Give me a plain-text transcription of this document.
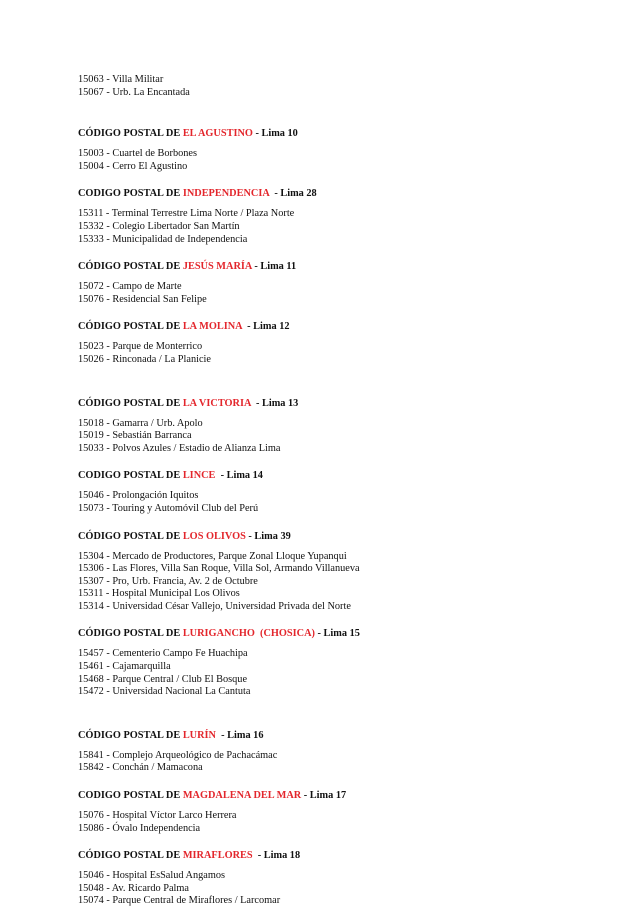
15063 - Villa Militar
15067 - Urb. La Encantada
CÓDIGO POSTAL DE EL AGUSTINO - Lima 10
15003 - Cuartel de Borbones
15004 - Cerro El Agustino
CODIGO POSTAL DE INDEPENDENCIA  - Lima 28
15311 - Terminal Terrestre Lima Norte / Plaza Norte
15332 - Colegio Libertador San Martín
15333 - Municipalidad de Independencia
CÓDIGO POSTAL DE JESÚS MARÍA - Lima 11
15072 - Campo de Marte
15076 - Residencial San Felipe
CÓDIGO POSTAL DE LA MOLINA  - Lima 12
15023 - Parque de Monterrico
15026 - Rinconada / La Planicie
CÓDIGO POSTAL DE LA VICTORIA  - Lima 13
15018 - Gamarra / Urb. Apolo
15019 - Sebastián Barranca
15033 - Polvos Azules / Estadio de Alianza Lima
CODIGO POSTAL DE LINCE  - Lima 14
15046 - Prolongación Iquitos
15073 - Touring y Automóvil Club del Perú
CÓDIGO POSTAL DE LOS OLIVOS - Lima 39
15304 - Mercado de Productores, Parque Zonal Lloque Yupanqui
15306 - Las Flores, Villa San Roque, Villa Sol, Armando Villanueva
15307 - Pro, Urb. Francia, Av. 2 de Octubre
15311 - Hospital Municipal Los Olivos
15314 - Universidad César Vallejo, Universidad Privada del Norte
CÓDIGO POSTAL DE LURIGANCHO  (CHOSICA) - Lima 15
15457 - Cementerio Campo Fe Huachipa
15461 - Cajamarquilla
15468 - Parque Central / Club El Bosque
15472 - Universidad Nacional La Cantuta
CÓDIGO POSTAL DE LURÍN  - Lima 16
15841 - Complejo Arqueológico de Pachacámac
15842 - Conchán / Mamacona
CODIGO POSTAL DE MAGDALENA DEL MAR - Lima 17
15076 - Hospital Víctor Larco Herrera
15086 - Óvalo Independencia
CÓDIGO POSTAL DE MIRAFLORES  - Lima 18
15046 - Hospital EsSalud Angamos
15048 - Av. Ricardo Palma
15074 - Parque Central de Miraflores / Larcomar
